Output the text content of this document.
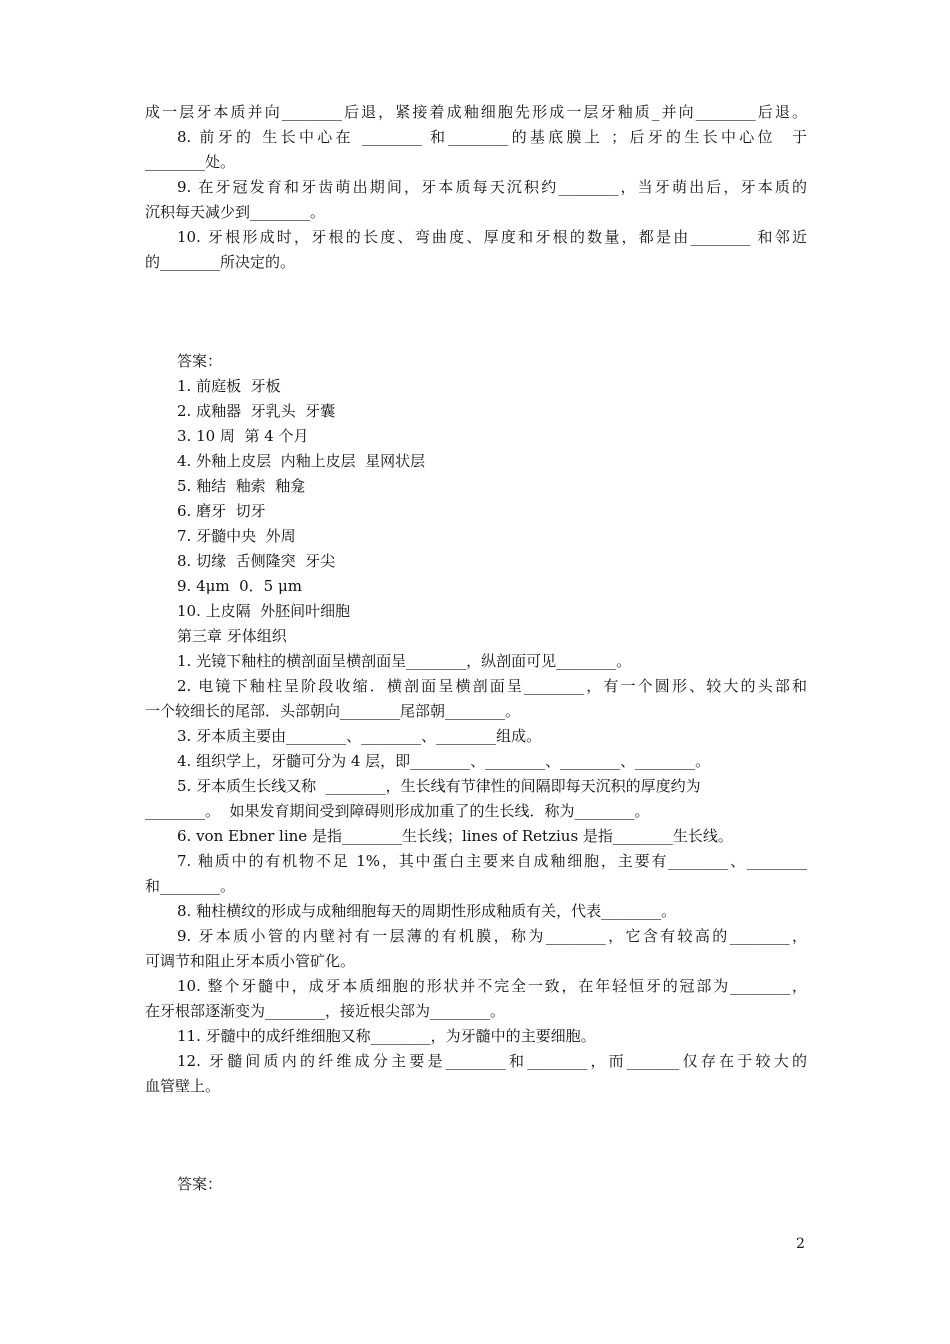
成一层牙本质并向________后退，紧接着成釉细胞先形成一层牙釉质_并向________后退。

8. 前牙的 生长中心在 ________ 和________的基底膜上 ；后牙的生长中心位  于

________处。

9. 在牙冠发育和牙齿萌出期间，牙本质每天沉积约________，当牙萌出后，牙本质的

沉积每天减少到________。

10. 牙根形成时，牙根的长度、弯曲度、厚度和牙根的数量，都是由________ 和邻近

的________所决定的。

答案：

1. 前庭板  牙板

2. 成釉器  牙乳头  牙囊

3. 10 周  第 4 个月

4. 外釉上皮层  内釉上皮层  星网状层

5. 釉结  釉索  釉龛

6. 磨牙  切牙

7. 牙髓中央  外周

8. 切缘  舌侧隆突  牙尖

9. 4μm  0．5 μm

10. 上皮隔  外胚间叶细胞

第三章 牙体组织

1. 光镜下釉柱的横剖面呈横剖面呈________，纵剖面可见________。

2. 电镜下釉柱呈阶段收缩．横剖面呈横剖面呈________，有一个圆形、较大的头部和

一个较细长的尾部．头部朝向________尾部朝________。

3. 牙本质主要由________、________、________组成。

4. 组织学上，牙髓可分为 4 层，即________、________、________、________。

5. 牙本质生长线又称  ________，生长线有节律性的间隔即每天沉积的厚度约为

________。  如果发育期间受到障碍则形成加重了的生长线．称为________。

6. von Ebner line 是指________生长线；lines of Retzius 是指________生长线。

7. 釉质中的有机物不足 1%，其中蛋白主要来自成釉细胞，主要有________、________

和________。

8. 釉柱横纹的形成与成釉细胞每天的周期性形成釉质有关，代表________。

9. 牙本质小管的内壁衬有一层薄的有机膜，称为________，它含有较高的________，

可调节和阻止牙本质小管矿化。

10. 整个牙髓中，成牙本质细胞的形状并不完全一致，在年轻恒牙的冠部为________，

在牙根部逐渐变为________，接近根尖部为________。

11. 牙髓中的成纤维细胞又称________，为牙髓中的主要细胞。

12. 牙髓间质内的纤维成分主要是________和________，而_______仅存在于较大的

血管壁上。

答案：

2
